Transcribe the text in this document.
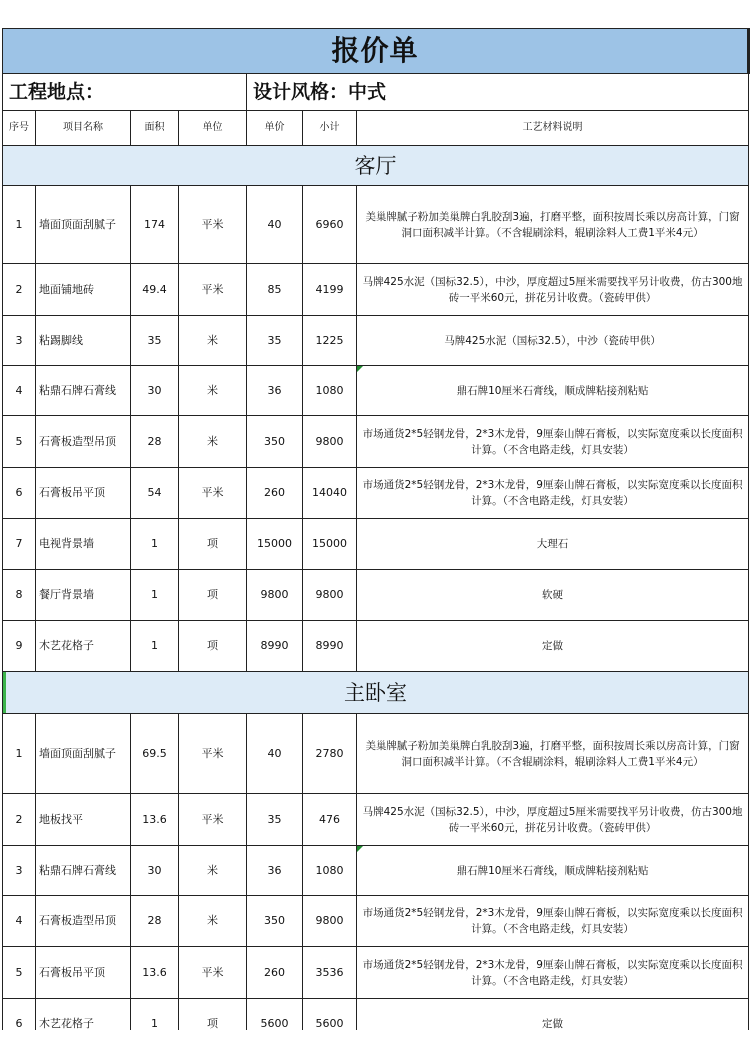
报价单						
工程地点：				设计风格：中式		
序号	项目名称	面积	单位	单价	小计	工艺材料说明
客厅						
1	墙面顶面刮腻子	174	平米	40	6960	美巢牌腻子粉加美巢牌白乳胶刮3遍，打磨平整，面积按周长乘以房高计算，门窗洞口面积减半计算。（不含辊刷涂料，辊刷涂料人工费1平米4元）
2	地面铺地砖	49.4	平米	85	4199	马牌425水泥（国标32.5），中沙，厚度超过5厘米需要找平另计收费，仿古300地砖一平米60元，拼花另计收费。（瓷砖甲供）
3	粘踢脚线	35	米	35	1225	马牌425水泥（国标32.5），中沙（瓷砖甲供）
4	粘鼎石牌石膏线	30	米	36	1080	鼎石牌10厘米石膏线，顺成牌粘接剂粘贴
5	石膏板造型吊顶	28	米	350	9800	市场通货2*5轻钢龙骨，2*3木龙骨，9厘泰山牌石膏板，以实际宽度乘以长度面积计算。（不含电路走线，灯具安装）
6	石膏板吊平顶	54	平米	260	14040	市场通货2*5轻钢龙骨，2*3木龙骨，9厘泰山牌石膏板，以实际宽度乘以长度面积计算。（不含电路走线，灯具安装）
7	电视背景墙	1	项	15000	15000	大理石
8	餐厅背景墙	1	项	9800	9800	软硬
9	木艺花格子	1	项	8990	8990	定做
主卧室						
1	墙面顶面刮腻子	69.5	平米	40	2780	美巢牌腻子粉加美巢牌白乳胶刮3遍，打磨平整，面积按周长乘以房高计算，门窗洞口面积减半计算。（不含辊刷涂料，辊刷涂料人工费1平米4元）
2	地板找平	13.6	平米	35	476	马牌425水泥（国标32.5），中沙，厚度超过5厘米需要找平另计收费，仿古300地砖一平米60元，拼花另计收费。（瓷砖甲供）
3	粘鼎石牌石膏线	30	米	36	1080	鼎石牌10厘米石膏线，顺成牌粘接剂粘贴
4	石膏板造型吊顶	28	米	350	9800	市场通货2*5轻钢龙骨，2*3木龙骨，9厘泰山牌石膏板，以实际宽度乘以长度面积计算。（不含电路走线，灯具安装）
5	石膏板吊平顶	13.6	平米	260	3536	市场通货2*5轻钢龙骨，2*3木龙骨，9厘泰山牌石膏板，以实际宽度乘以长度面积计算。（不含电路走线，灯具安装）
6	木艺花格子	1	项	5600	5600	定做
